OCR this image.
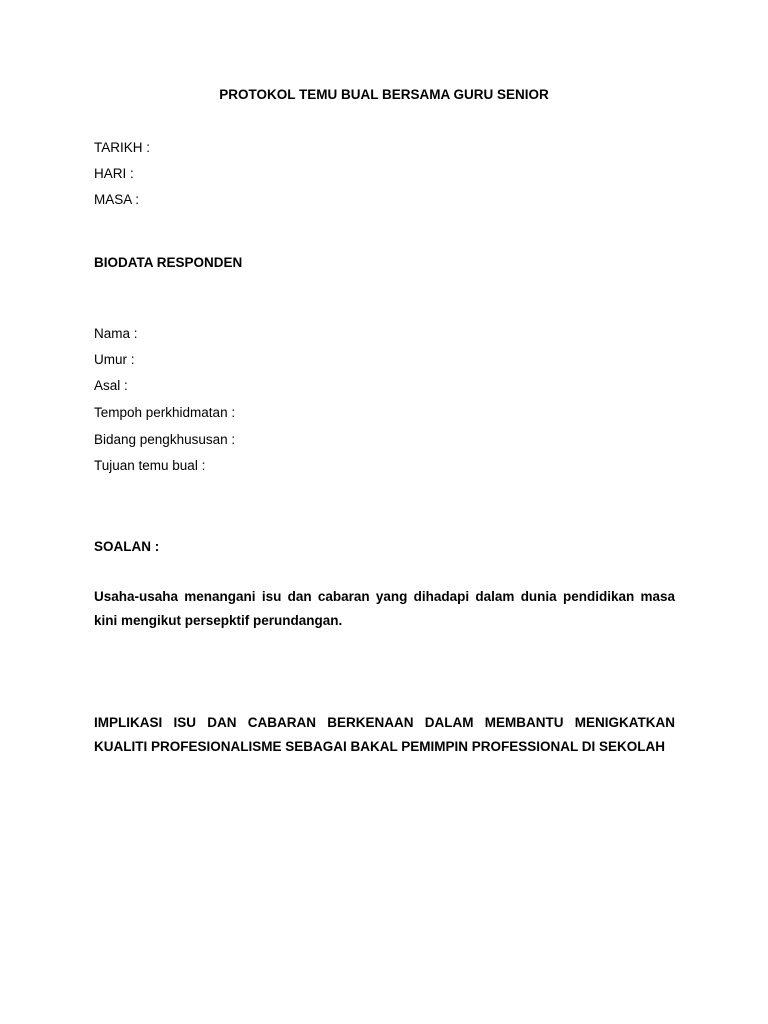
PROTOKOL TEMU BUAL BERSAMA GURU SENIOR
TARIKH :
HARI :
MASA :
BIODATA RESPONDEN
Nama :
Umur :
Asal :
Tempoh perkhidmatan :
Bidang pengkhususan :
Tujuan temu bual :
SOALAN :
Usaha-usaha menangani isu dan cabaran yang dihadapi dalam dunia pendidikan masa kini mengikut persepktif perundangan.
IMPLIKASI ISU DAN CABARAN BERKENAAN DALAM MEMBANTU MENIGKATKAN KUALITI PROFESIONALISME SEBAGAI BAKAL PEMIMPIN PROFESSIONAL DI SEKOLAH
